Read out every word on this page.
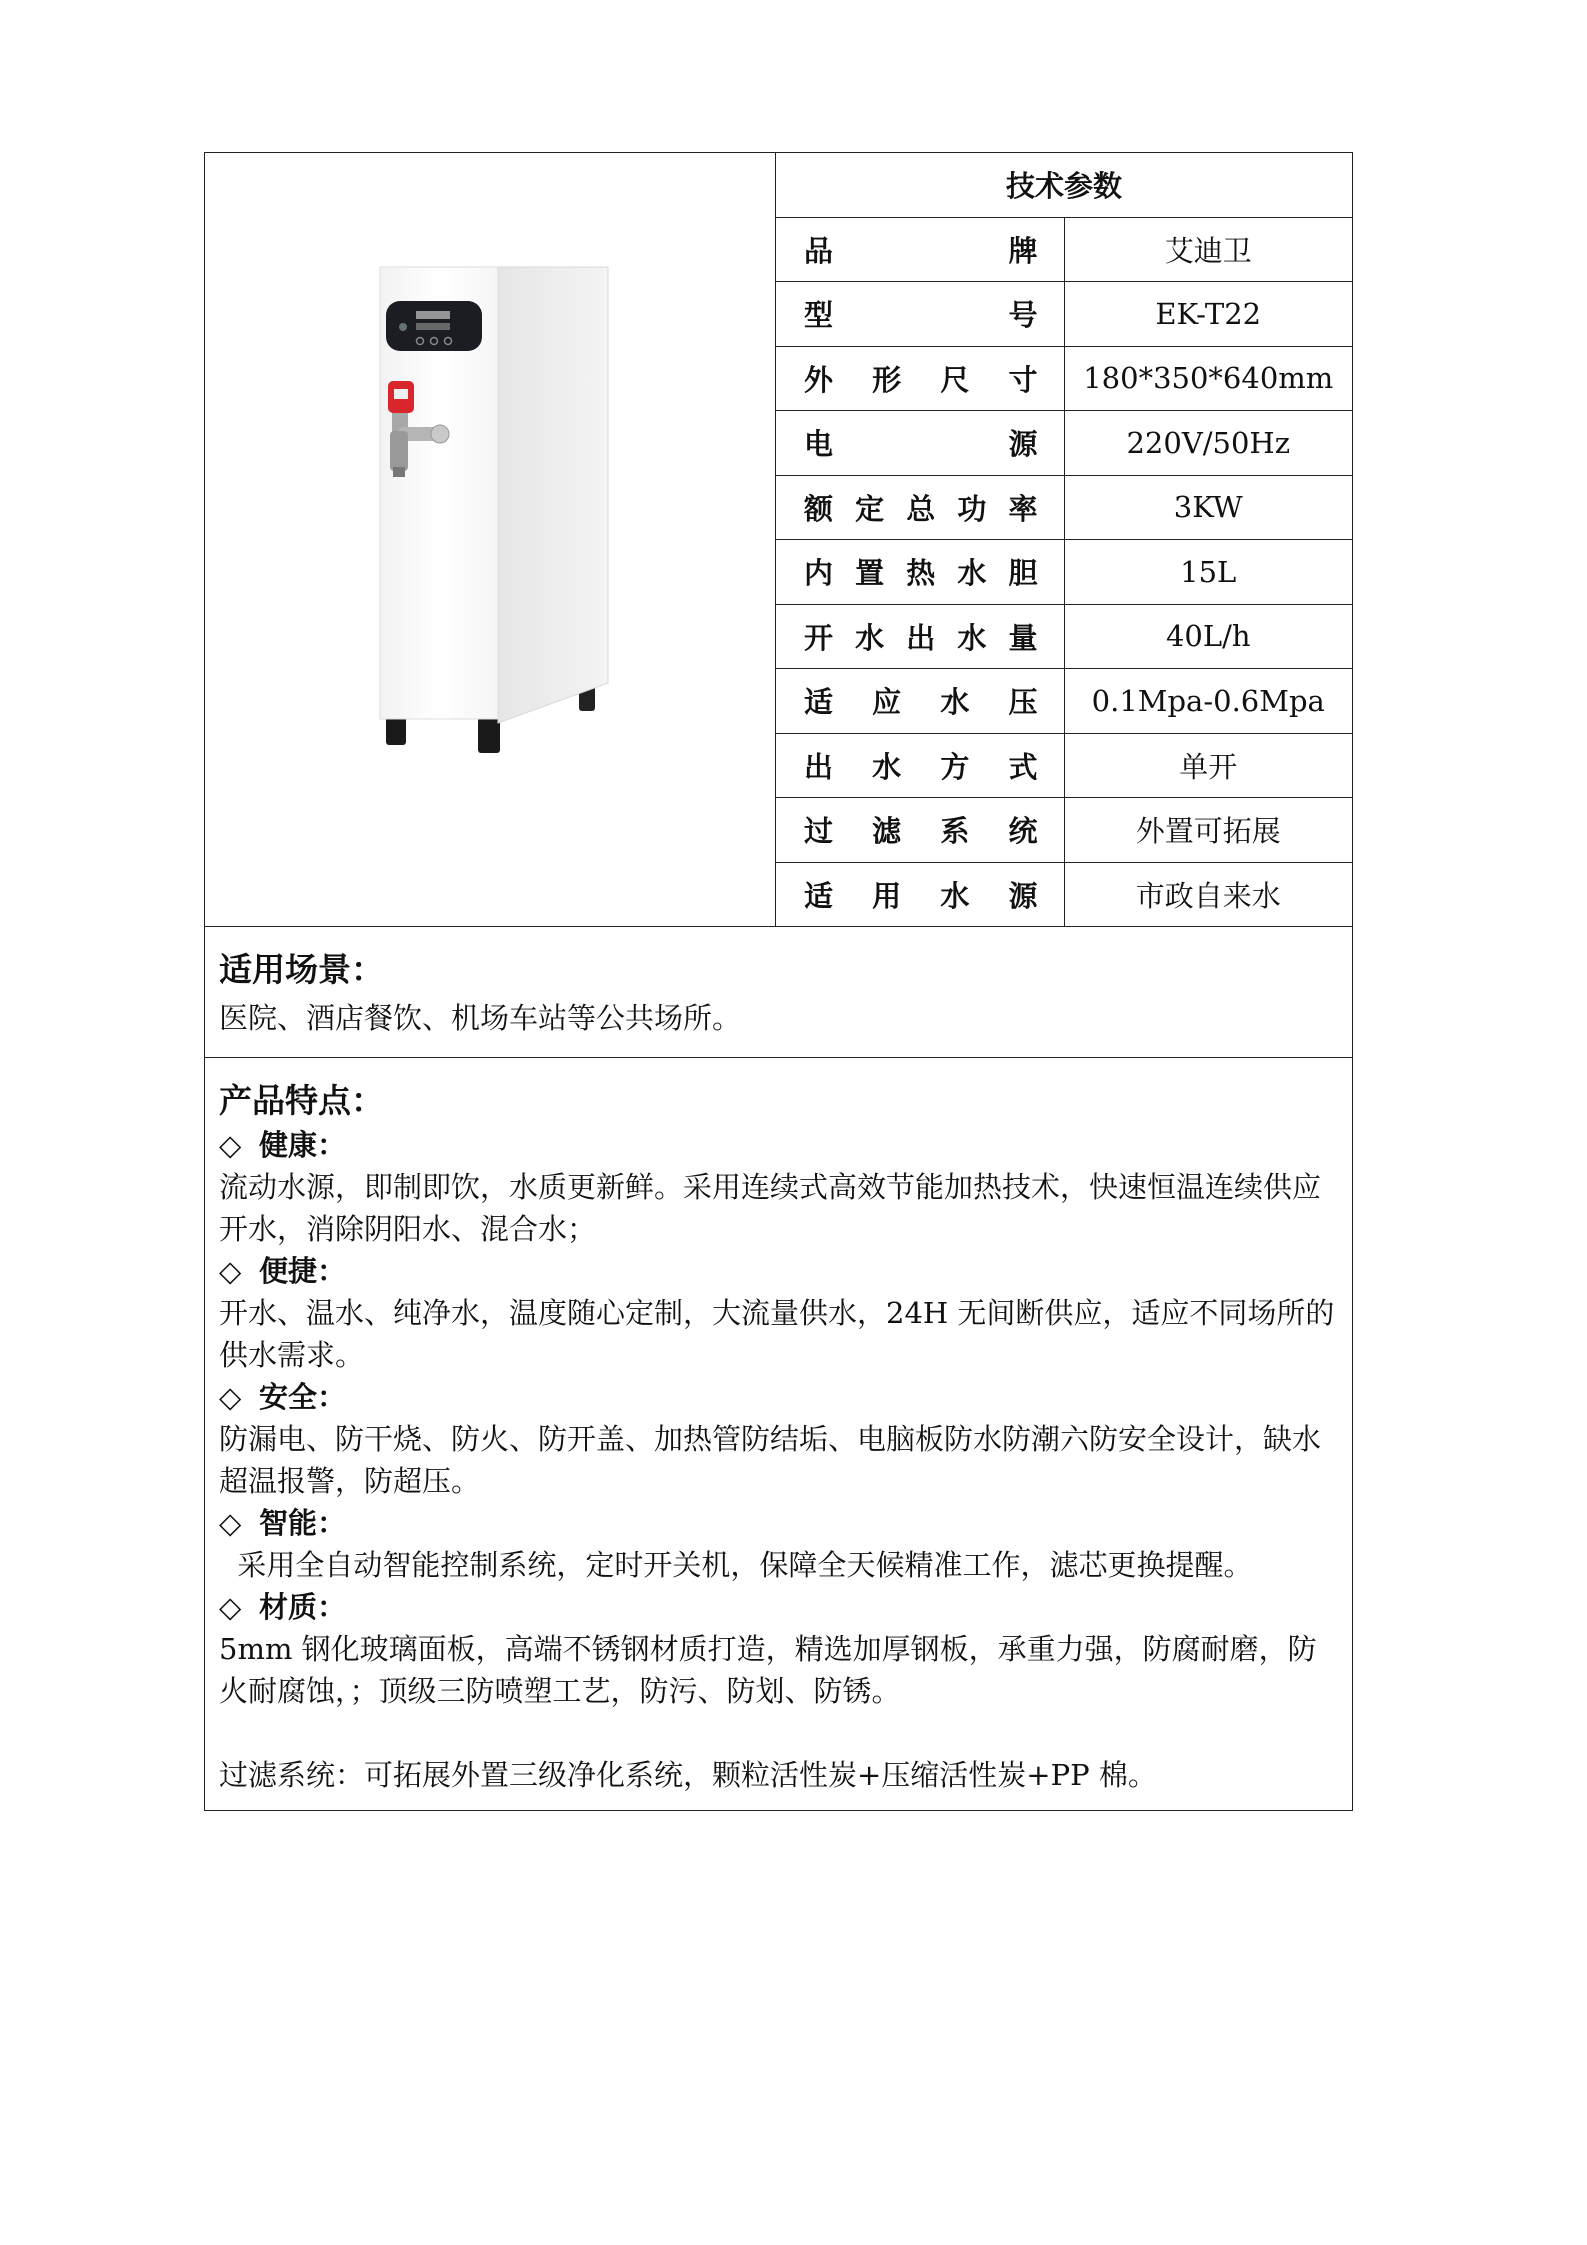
技术参数
品牌	艾迪卫
型号	EK-T22
外形尺寸	180*350*640mm
电源	220V/50Hz
额定总功率	3KW
内置热水胆	15L
开水出水量	40L/h
适应水压	0.1Mpa-0.6Mpa
出水方式	单开
过滤系统	外置可拓展
适用水源	市政自来水

适用场景：
医院、酒店餐饮、机场车站等公共场所。

产品特点：
◇ 健康：
流动水源，即制即饮，水质更新鲜。采用连续式高效节能加热技术，快速恒温连续供应开水，消除阴阳水、混合水；
◇ 便捷：
开水、温水、纯净水，温度随心定制，大流量供水，24H 无间断供应，适应不同场所的供水需求。
◇ 安全：
防漏电、防干烧、防火、防开盖、加热管防结垢、电脑板防水防潮六防安全设计，缺水超温报警，防超压。
◇ 智能：
采用全自动智能控制系统，定时开关机，保障全天候精准工作，滤芯更换提醒。
◇ 材质：
5mm 钢化玻璃面板，高端不锈钢材质打造，精选加厚钢板，承重力强，防腐耐磨，防火耐腐蚀，；顶级三防喷塑工艺，防污、防划、防锈。
过滤系统：可拓展外置三级净化系统，颗粒活性炭+压缩活性炭+PP 棉。
